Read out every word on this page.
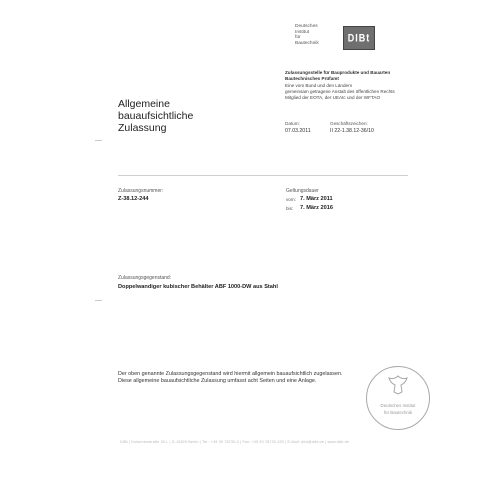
Deutsches
Institut
für
Bautechnik	DIBt
Zulassungsstelle für Bauprodukte und Bauarten
Bautechnisches Prüfamt
Eine vom Bund und den Ländern
gemeinsam getragene Anstalt des öffentlichen Rechts
Mitglied der EOTA, der UEAtc und der WFTAO
Allgemeine
bauaufsichtliche
Zulassung	Datum:
07.03.2011
Geschäftszeichen:
II 22-1.38.12-36/10
Zulassungsnummer:
Z-38.12-244
Geltungsdauer
vom: 7. März 2011
bis: 7. März 2016
Zulassungsgegenstand:
Doppelwandiger kubischer Behälter ABF 1000-DW aus Stahl
Der oben genannte Zulassungsgegenstand wird hiermit allgemein bauaufsichtlich zugelassen.
Diese allgemeine bauaufsichtliche Zulassung umfasst acht Seiten und eine Anlage.
Deutsches Institut
für Bautechnik
DIBt | Kolonnenstraße 30 L | D-10829 Berlin | Tel.: +49 30 78730-0 | Fax: +49 30 78730-320 | E-Mail: dibt@dibt.de | www.dibt.de
